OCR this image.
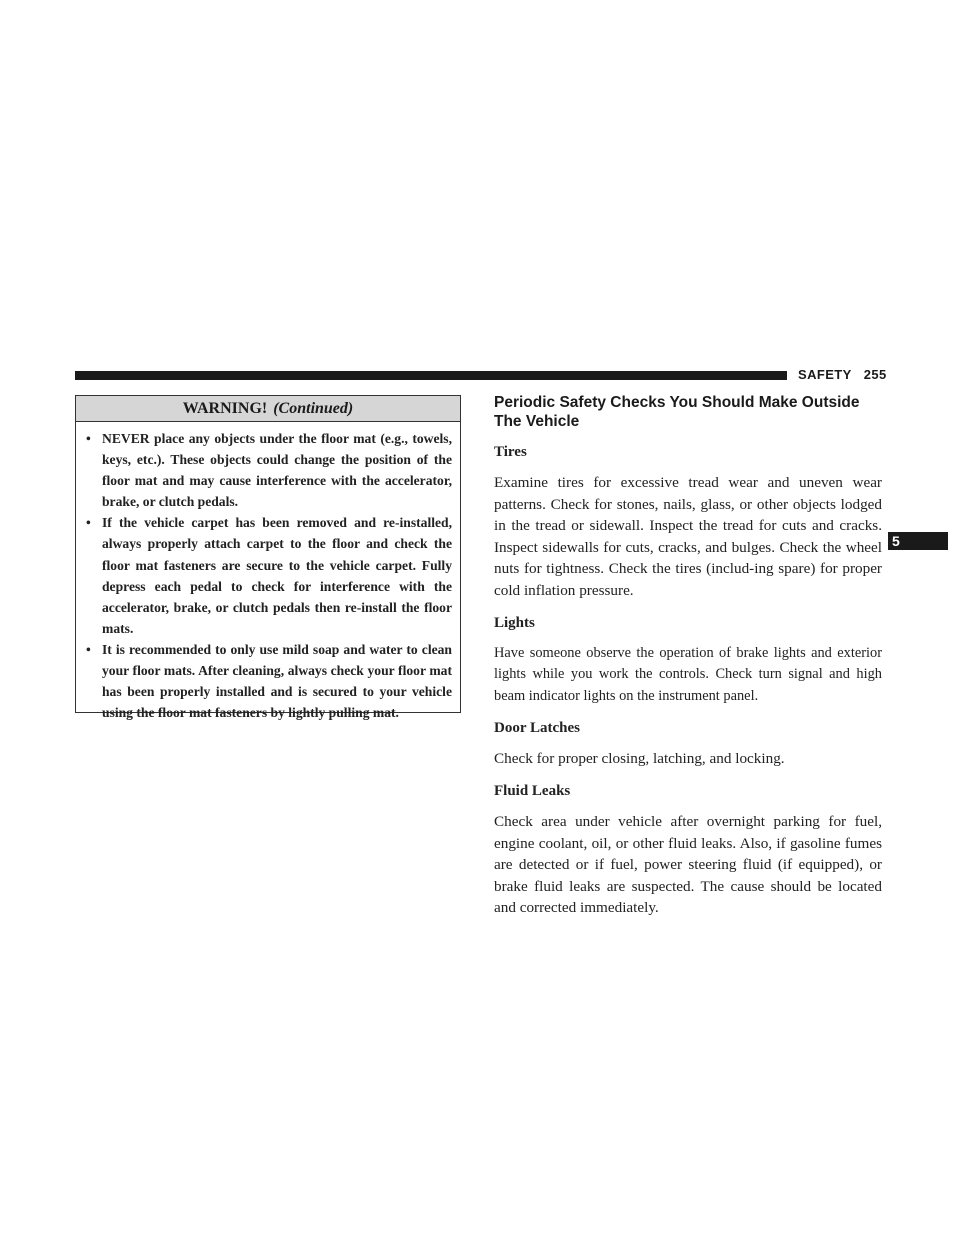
SAFETY 255
5
WARNING! (Continued)
• NEVER place any objects under the floor mat (e.g., towels, keys, etc.). These objects could change the position of the floor mat and may cause interference with the accelerator, brake, or clutch pedals.
• If the vehicle carpet has been removed and re-installed, always properly attach carpet to the floor and check the floor mat fasteners are secure to the vehicle carpet. Fully depress each pedal to check for interference with the accelerator, brake, or clutch pedals then re-install the floor mats.
• It is recommended to only use mild soap and water to clean your floor mats. After cleaning, always check your floor mat has been properly installed and is secured to your vehicle using the floor mat fasteners by lightly pulling mat.
Periodic Safety Checks You Should Make Outside The Vehicle
Tires
Examine tires for excessive tread wear and uneven wear patterns. Check for stones, nails, glass, or other objects lodged in the tread or sidewall. Inspect the tread for cuts and cracks. Inspect sidewalls for cuts, cracks, and bulges. Check the wheel nuts for tightness. Check the tires (includ-ing spare) for proper cold inflation pressure.
Lights
Have someone observe the operation of brake lights and exterior lights while you work the controls. Check turn signal and high beam indicator lights on the instrument panel.
Door Latches
Check for proper closing, latching, and locking.
Fluid Leaks
Check area under vehicle after overnight parking for fuel, engine coolant, oil, or other fluid leaks. Also, if gasoline fumes are detected or if fuel, power steering fluid (if equipped), or brake fluid leaks are suspected. The cause should be located and corrected immediately.
